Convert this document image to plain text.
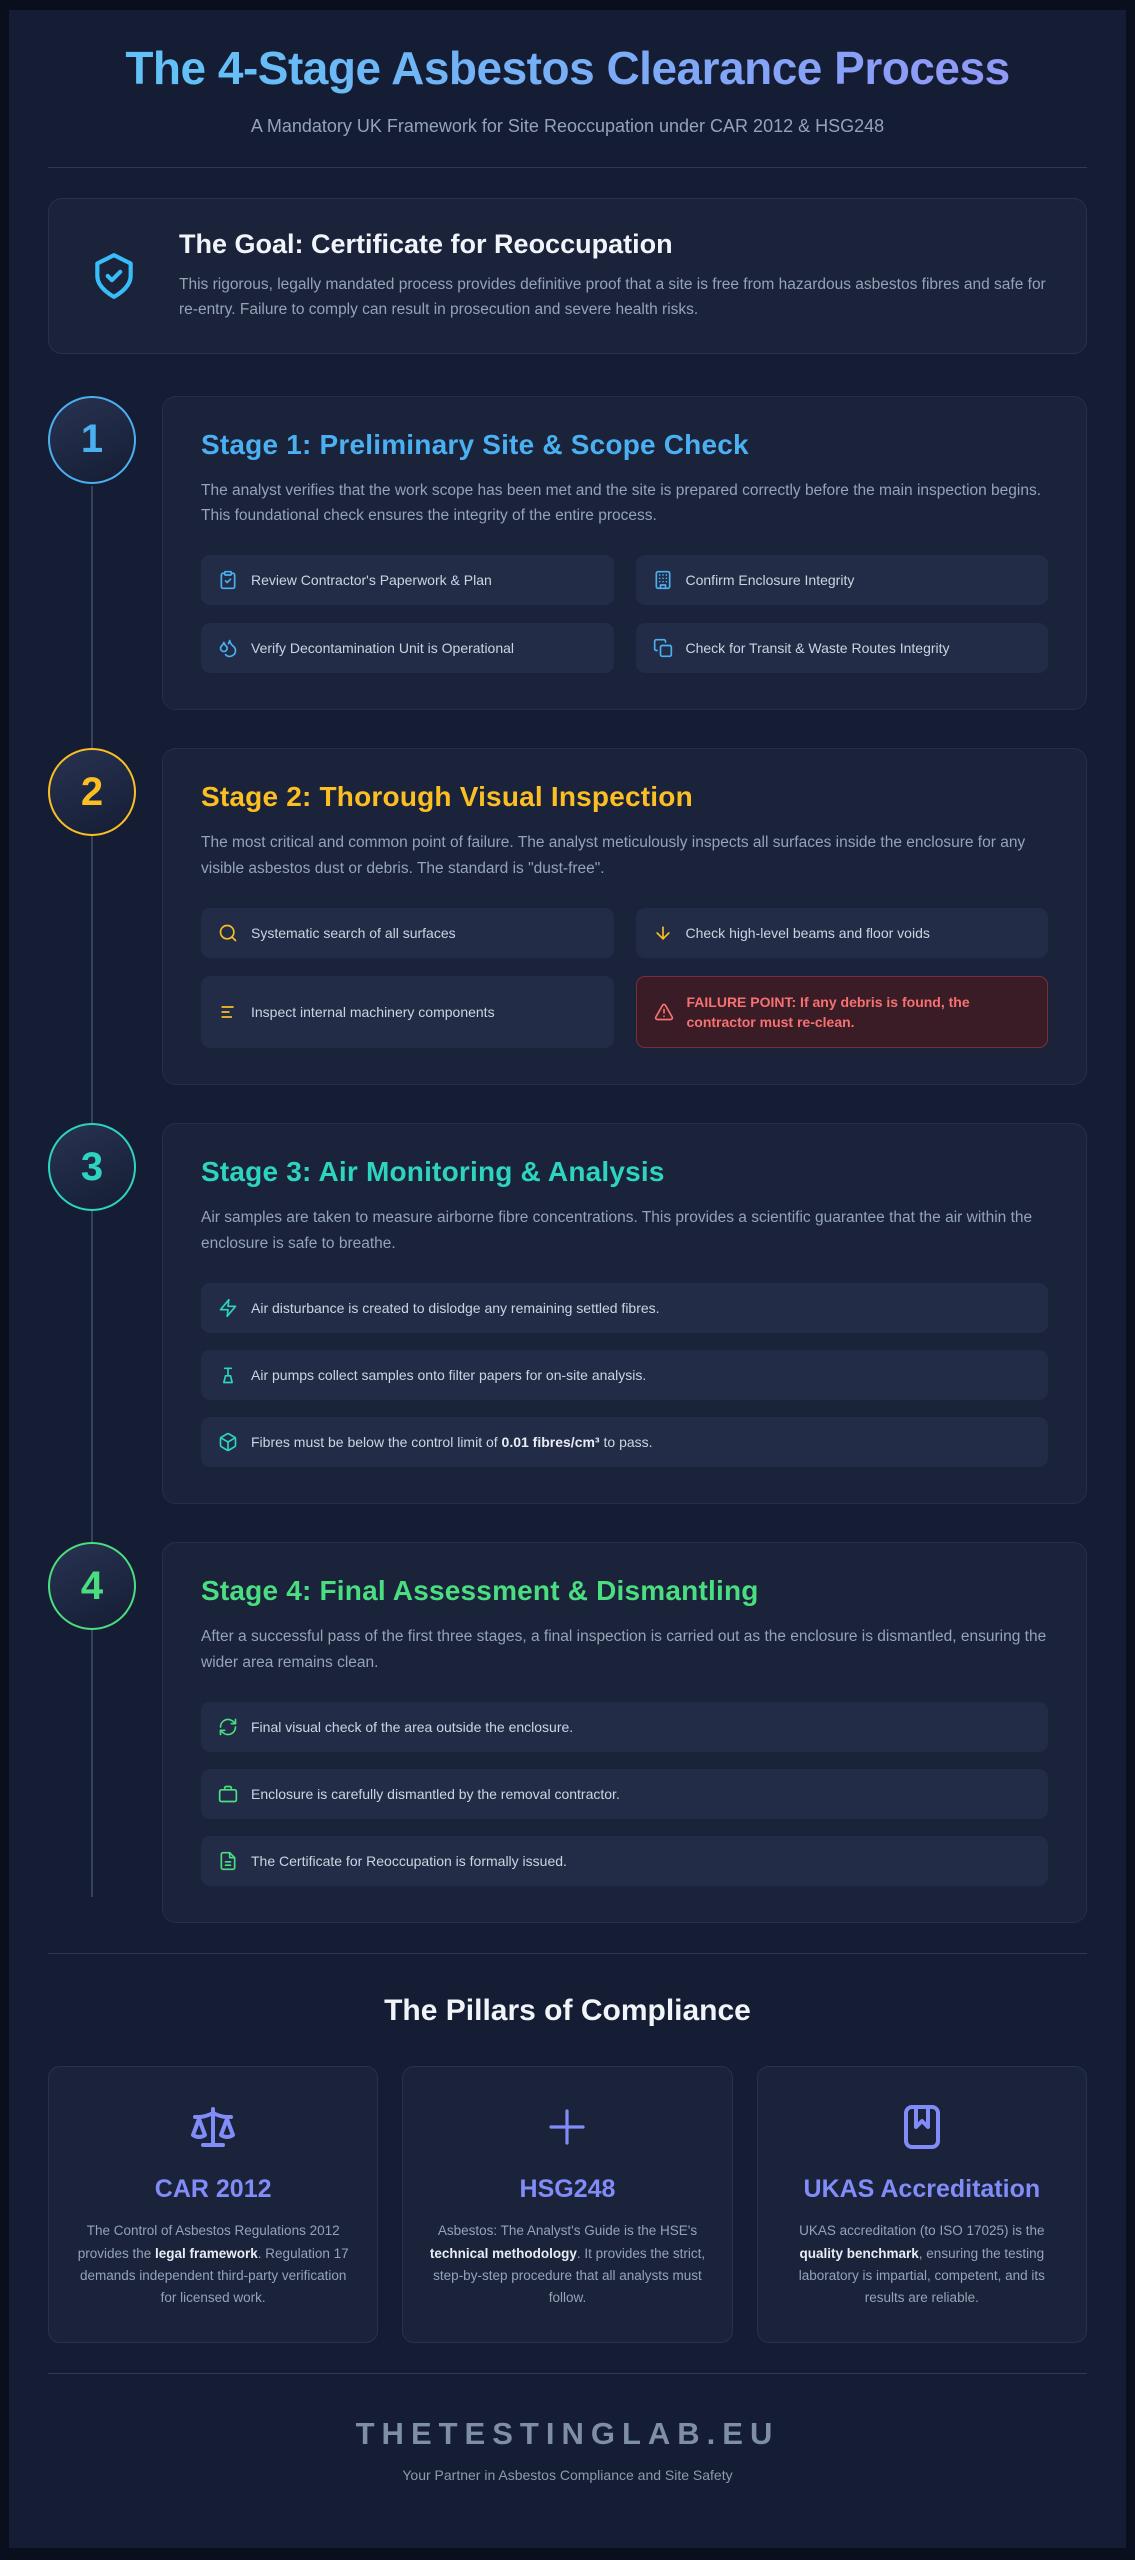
The 4-Stage Asbestos Clearance Process
A Mandatory UK Framework for Site Reoccupation under CAR 2012 & HSG248
The Goal: Certificate for Reoccupation
This rigorous, legally mandated process provides definitive proof that a site is free from hazardous asbestos fibres and safe for re-entry. Failure to comply can result in prosecution and severe health risks.
1	Stage 1: Preliminary Site & Scope Check
The analyst verifies that the work scope has been met and the site is prepared correctly before the main inspection begins. This foundational check ensures the integrity of the entire process.
Review Contractor's Paperwork & Plan	Confirm Enclosure Integrity
Verify Decontamination Unit is Operational	Check for Transit & Waste Routes Integrity
2	Stage 2: Thorough Visual Inspection
The most critical and common point of failure. The analyst meticulously inspects all surfaces inside the enclosure for any visible asbestos dust or debris. The standard is "dust-free".
Systematic search of all surfaces	Check high-level beams and floor voids
Inspect internal machinery components
FAILURE POINT: If any debris is found, the contractor must re-clean.
3	Stage 3: Air Monitoring & Analysis
Air samples are taken to measure airborne fibre concentrations. This provides a scientific guarantee that the air within the enclosure is safe to breathe.
Air disturbance is created to dislodge any remaining settled fibres.
Air pumps collect samples onto filter papers for on-site analysis.
Fibres must be below the control limit of 0.01 fibres/cm³ to pass.
4	Stage 4: Final Assessment & Dismantling
After a successful pass of the first three stages, a final inspection is carried out as the enclosure is dismantled, ensuring the wider area remains clean.
Final visual check of the area outside the enclosure.
Enclosure is carefully dismantled by the removal contractor.
The Certificate for Reoccupation is formally issued.
The Pillars of Compliance
CAR 2012
The Control of Asbestos Regulations 2012 provides the legal framework. Regulation 17 demands independent third-party verification for licensed work.
HSG248
Asbestos: The Analyst's Guide is the HSE's technical methodology. It provides the strict, step-by-step procedure that all analysts must follow.
UKAS Accreditation
UKAS accreditation (to ISO 17025) is the quality benchmark, ensuring the testing laboratory is impartial, competent, and its results are reliable.
THETESTINGLAB.EU
Your Partner in Asbestos Compliance and Site Safety
